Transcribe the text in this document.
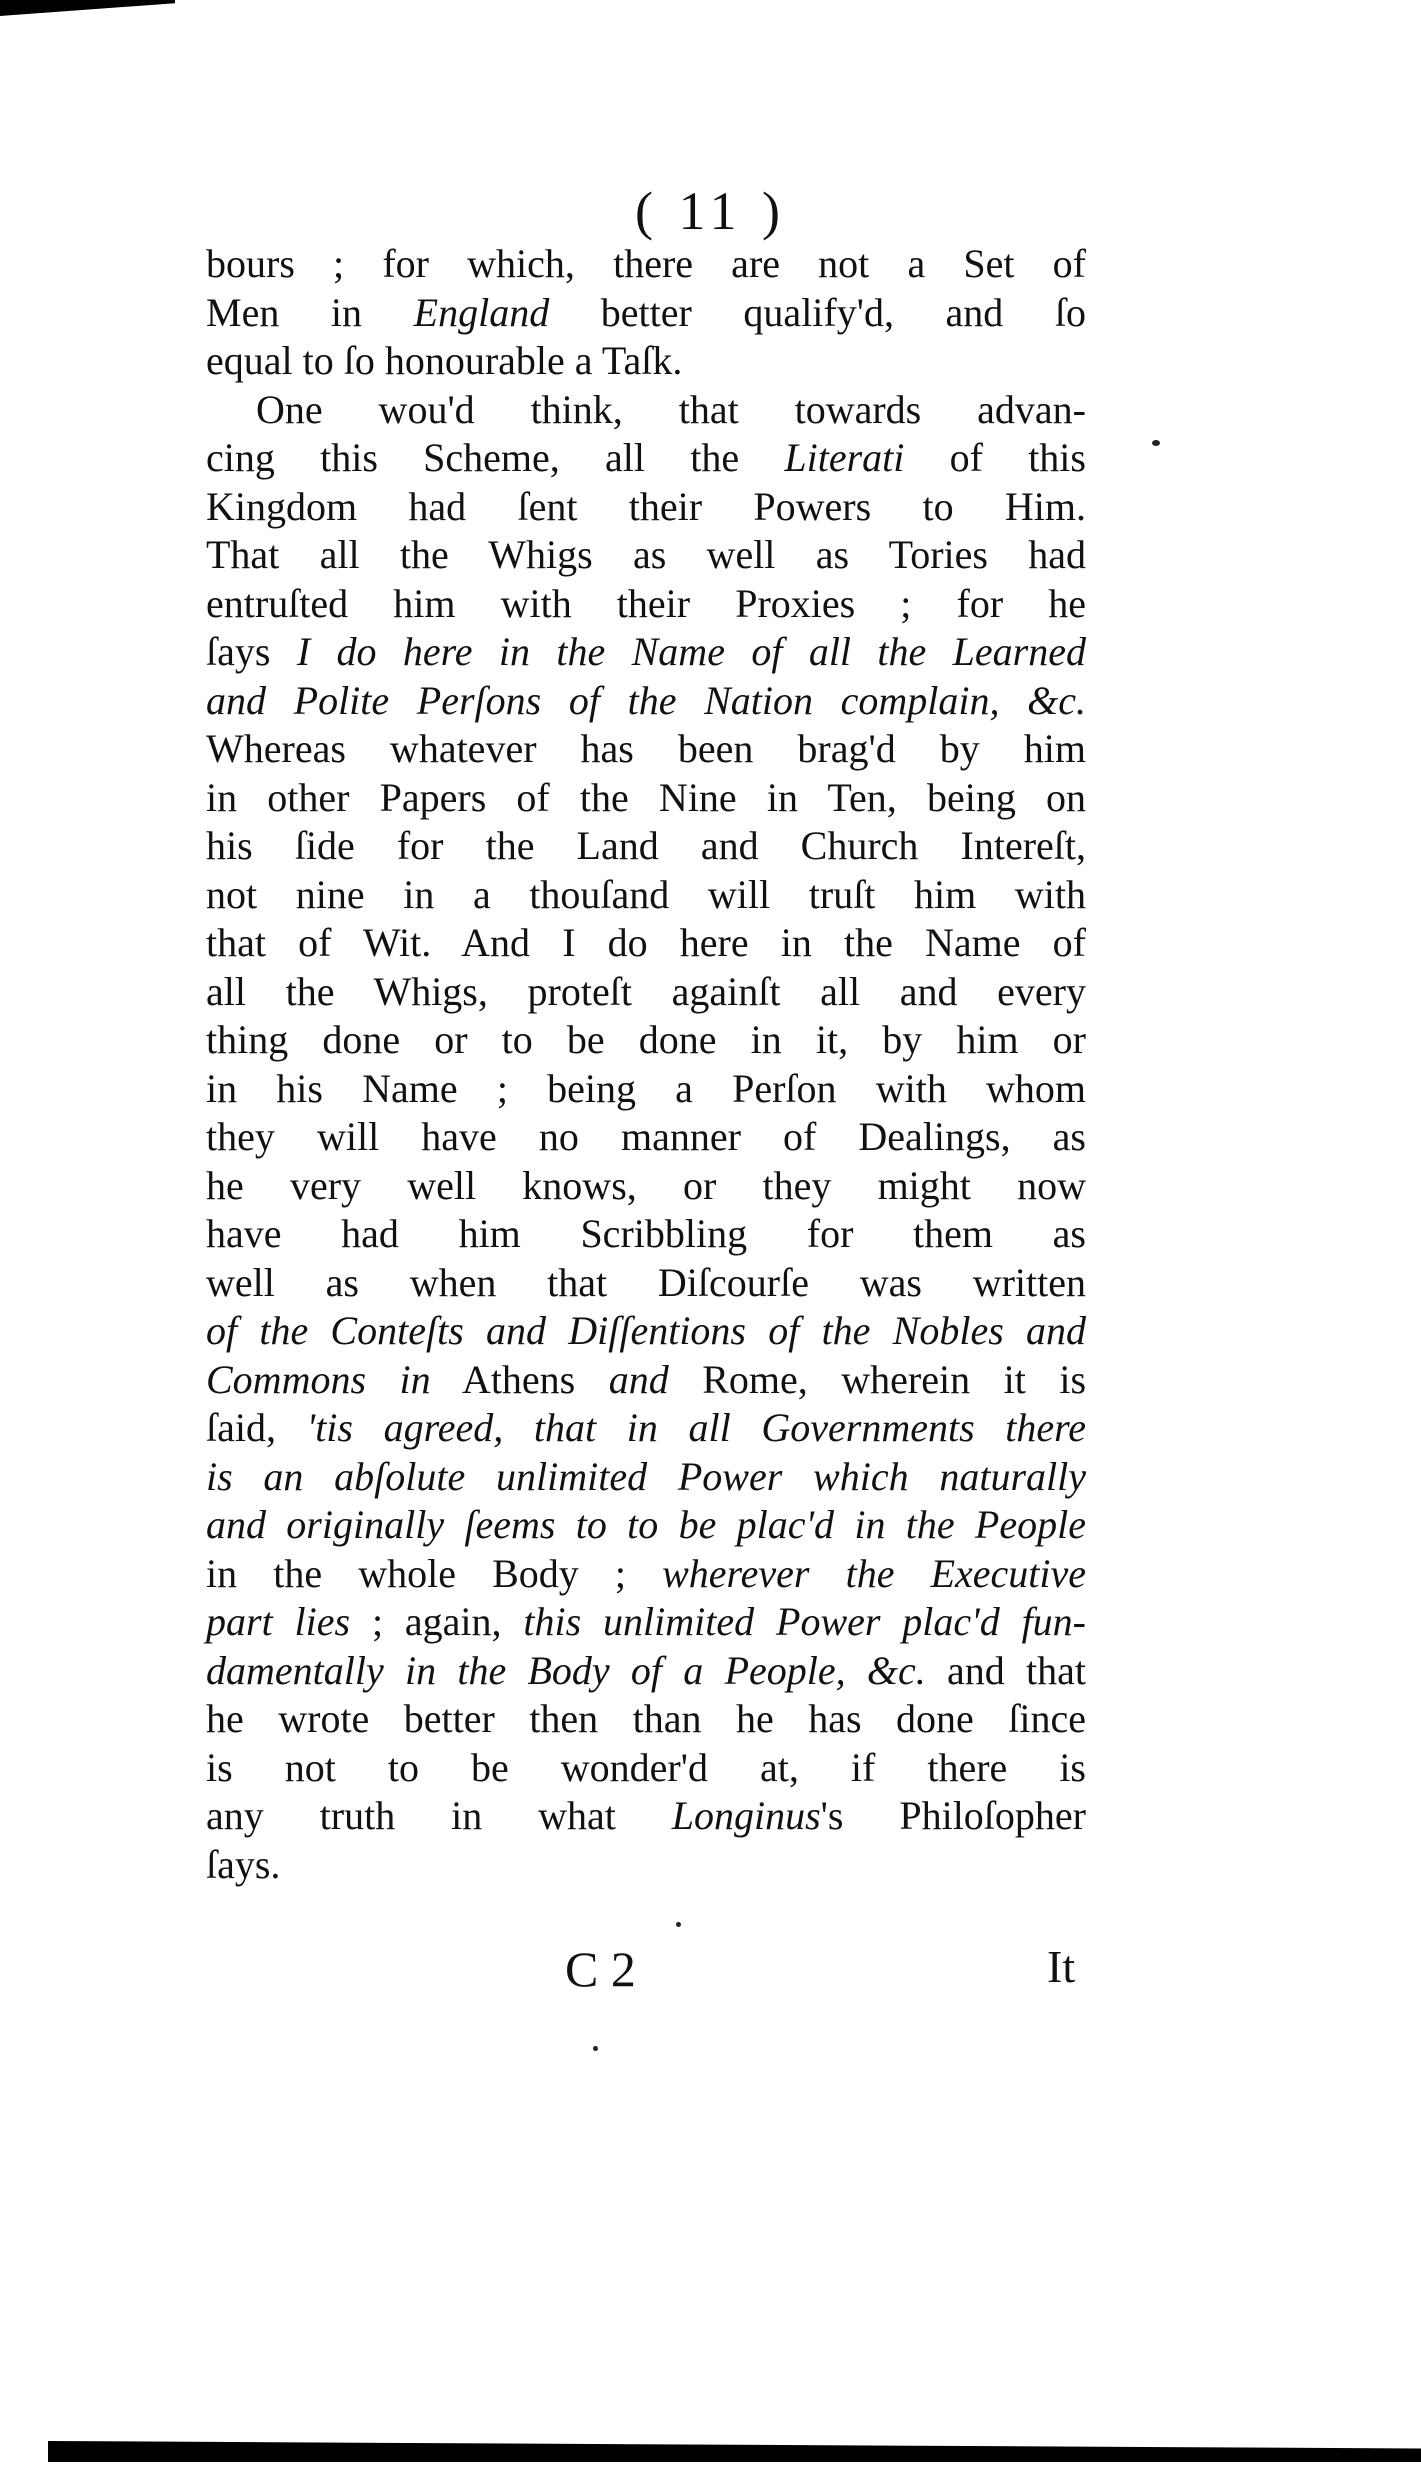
( 11 )
bours ; for which, there are not a Set of
Men in England better qualify'd, and ſo
equal to ſo honourable a Taſk.
One wou'd think, that towards advan-
cing this Scheme, all the Literati of this
Kingdom had ſent their Powers to Him.
That all the Whigs as well as Tories had
entruſted him with their Proxies ; for he
ſays I do here in the Name of all the Learned
and Polite Perſons of the Nation complain, &c.
Whereas whatever has been brag'd by him
in other Papers of the Nine in Ten, being on
his ſide for the Land and Church Intereſt,
not nine in a thouſand will truſt him with
that of Wit. And I do here in the Name of
all the Whigs, proteſt againſt all and every
thing done or to be done in it, by him or
in his Name ; being a Perſon with whom
they will have no manner of Dealings, as
he very well knows, or they might now
have had him Scribbling for them as
well as when that Diſcourſe was written
of the Conteſts and Diſſentions of the Nobles and
Commons in Athens and Rome, wherein it is
ſaid, 'tis agreed, that in all Governments there
is an abſolute unlimited Power which naturally
and originally ſeems to to be plac'd in the People
in the whole Body ; wherever the Executive
part lies ; again, this unlimited Power plac'd fun-
damentally in the Body of a People, &c. and that
he wrote better then than he has done ſince
is not to be wonder'd at, if there is
any truth in what Longinus's Philoſopher
ſays.
C 2	It
